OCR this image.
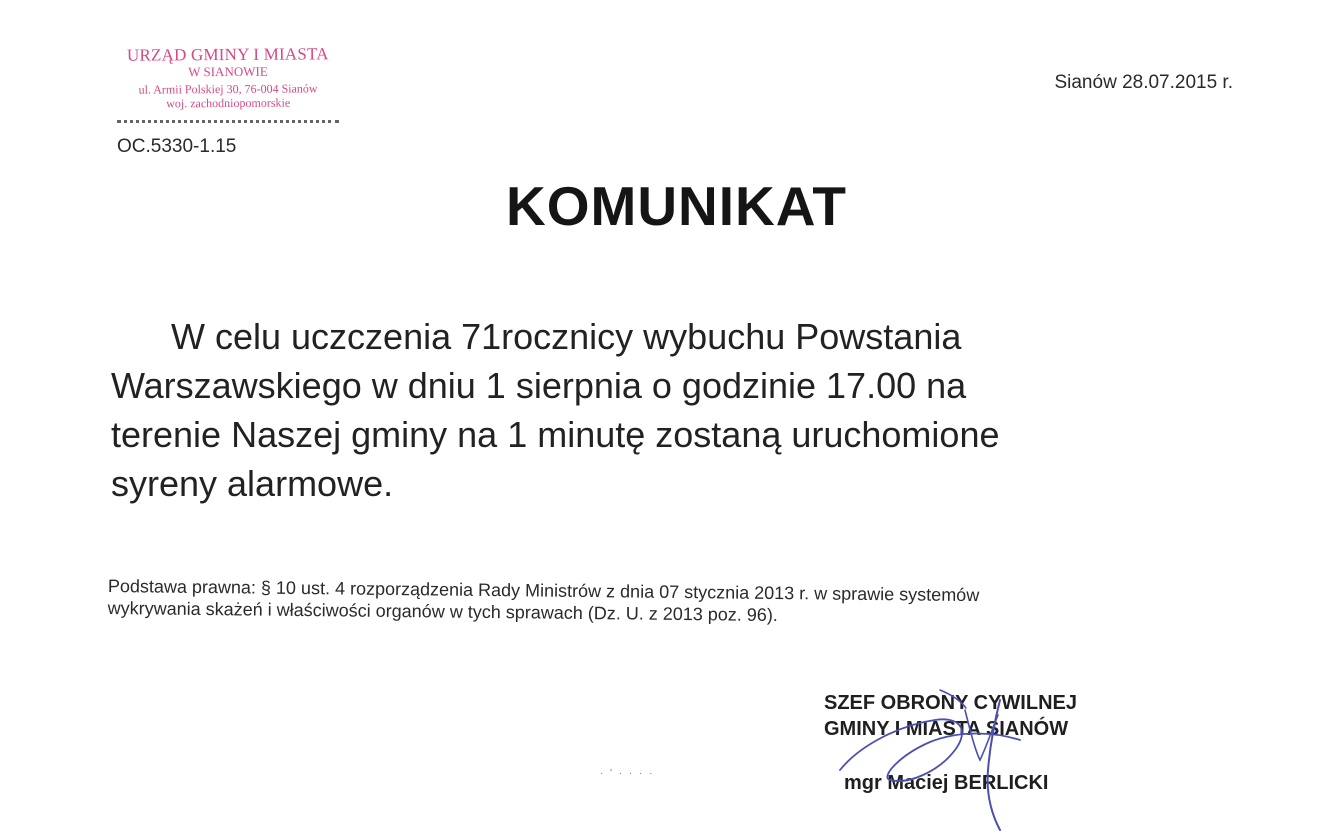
URZĄD GMINY I MIASTA
W SIANOWIE
ul. Armii Polskiej 30, 76-004 Sianów
woj. zachodniopomorskie
OC.5330-1.15
Sianów 28.07.2015 r.
KOMUNIKAT
W celu uczczenia 71rocznicy wybuchu Powstania
Warszawskiego w dniu 1 sierpnia o godzinie 17.00 na
terenie Naszej gminy na 1 minutę zostaną uruchomione
syreny alarmowe.
Podstawa prawna: § 10 ust. 4 rozporządzenia Rady Ministrów z dnia 07 stycznia 2013 r. w sprawie systemów
wykrywania skażeń i właściwości organów w tych sprawach (Dz. U. z 2013 poz. 96).
SZEF OBRONY CYWILNEJ
GMINY I MIASTA SIANÓW
mgr Maciej BERLICKI
· ' · · · ·
